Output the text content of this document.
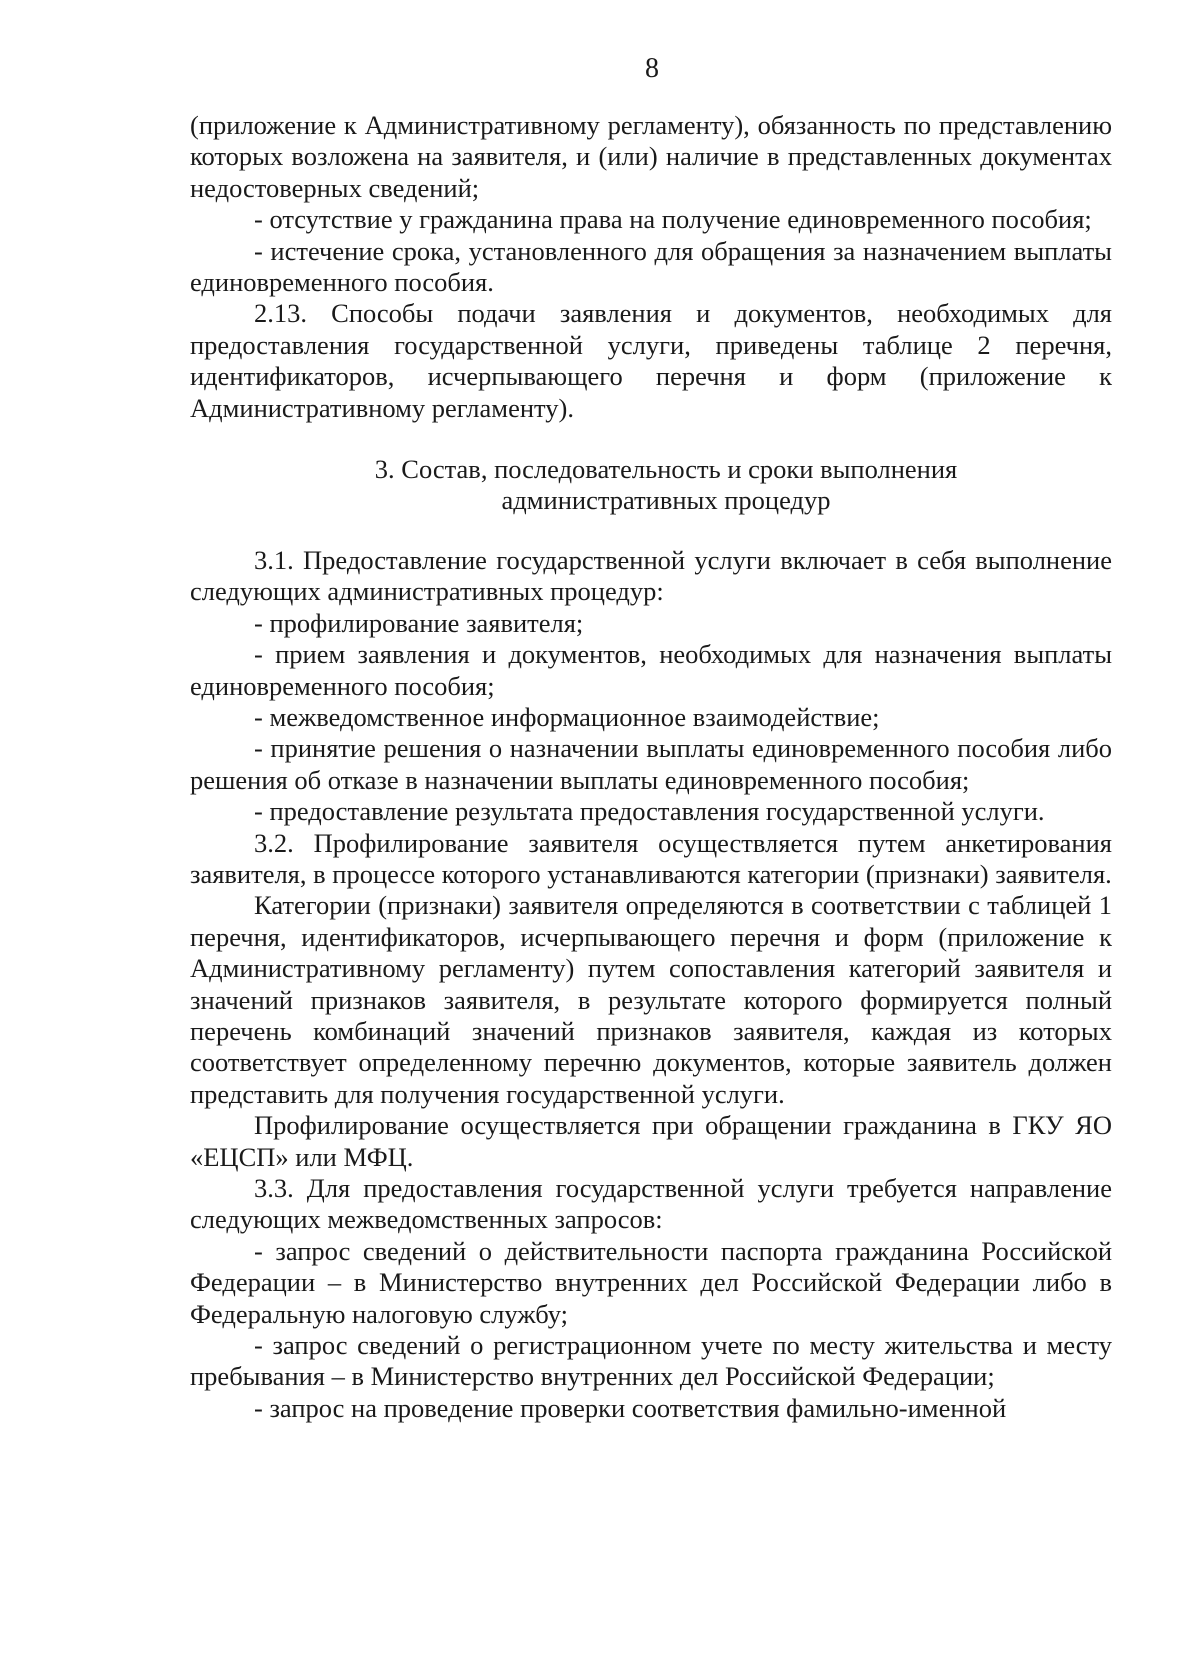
8

(приложение к Административному регламенту), обязанность по представлению которых возложена на заявителя, и (или) наличие в представленных документах недостоверных сведений;

- отсутствие у гражданина права на получение единовременного пособия;

- истечение срока, установленного для обращения за назначением выплаты единовременного пособия.

2.13. Способы подачи заявления и документов, необходимых для предоставления государственной услуги, приведены таблице 2 перечня, идентификаторов, исчерпывающего перечня и форм (приложение к Административному регламенту).

3. Состав, последовательность и сроки выполнения

административных процедур

3.1. Предоставление государственной услуги включает в себя выполнение следующих административных процедур:

- профилирование заявителя;

- прием заявления и документов, необходимых для назначения выплаты единовременного пособия;

- межведомственное информационное взаимодействие;

- принятие решения о назначении выплаты единовременного пособия либо решения об отказе в назначении выплаты единовременного пособия;

- предоставление результата предоставления государственной услуги.

3.2. Профилирование заявителя осуществляется путем анкетирования заявителя, в процессе которого устанавливаются категории (признаки) заявителя.

Категории (признаки) заявителя определяются в соответствии с таблицей 1 перечня, идентификаторов, исчерпывающего перечня и форм (приложение к Административному регламенту) путем сопоставления категорий заявителя и значений признаков заявителя, в результате которого формируется полный перечень комбинаций значений признаков заявителя, каждая из которых соответствует определенному перечню документов, которые заявитель должен представить для получения государственной услуги.

Профилирование осуществляется при обращении гражданина в ГКУ ЯО «ЕЦСП» или МФЦ.

3.3. Для предоставления государственной услуги требуется направление следующих межведомственных запросов:

- запрос сведений о действительности паспорта гражданина Российской Федерации – в Министерство внутренних дел Российской Федерации либо в Федеральную налоговую службу;

- запрос сведений о регистрационном учете по месту жительства и месту пребывания – в Министерство внутренних дел Российской Федерации;

- запрос на проведение проверки соответствия фамильно-именной
